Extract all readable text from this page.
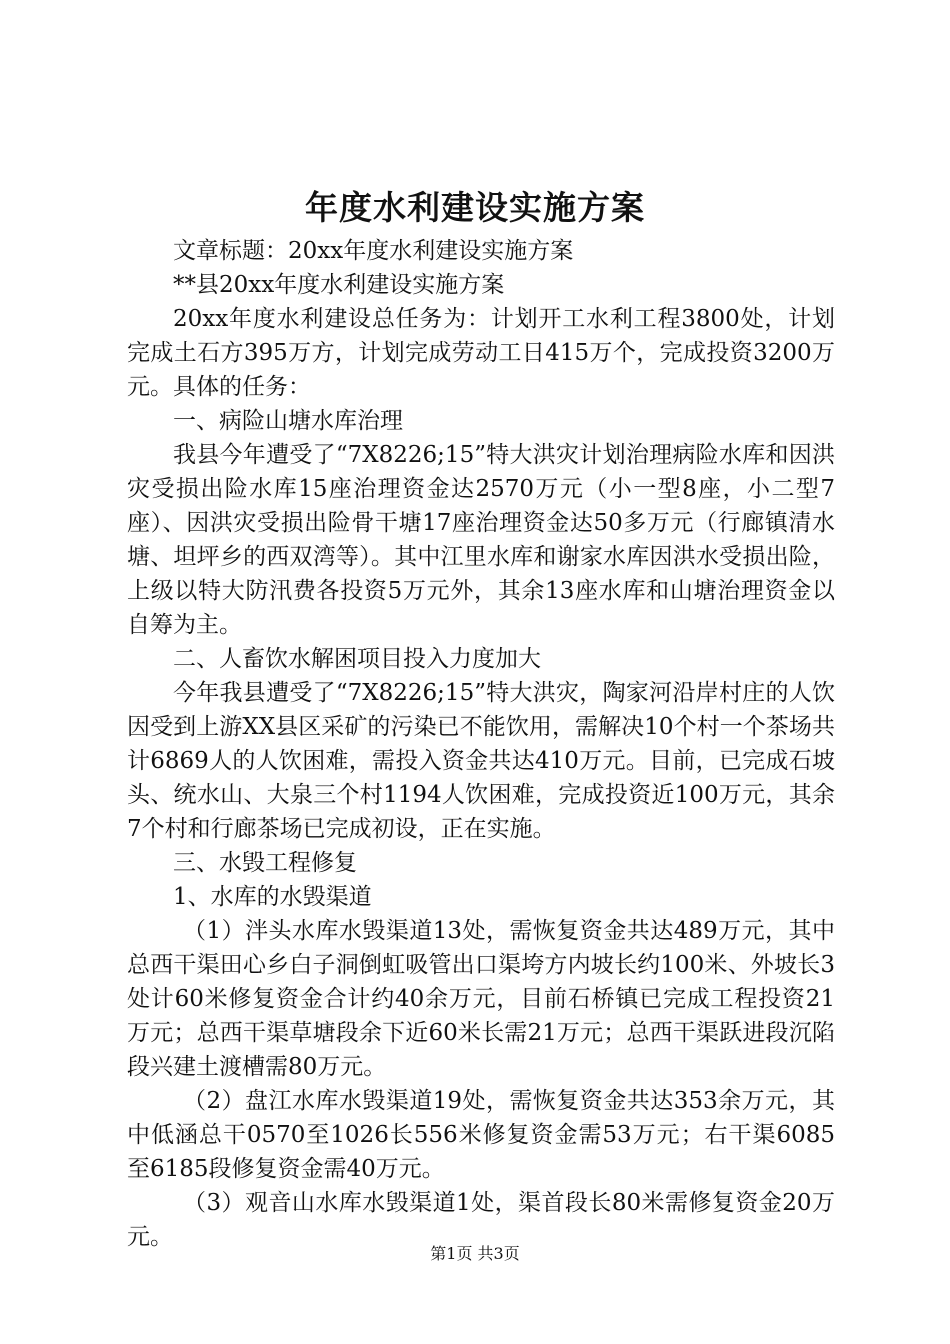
年度水利建设实施方案

文章标题：20xx年度水利建设实施方案

**县20xx年度水利建设实施方案

20xx年度水利建设总任务为：计划开工水利工程3800处，计划完成土石方395万方，计划完成劳动工日415万个，完成投资3200万元。具体的任务：

一、病险山塘水库治理

我县今年遭受了“7X8226;15”特大洪灾计划治理病险水库和因洪灾受损出险水库15座治理资金达2570万元（小一型8座，小二型7座）、因洪灾受损出险骨干塘17座治理资金达50多万元（行廊镇清水塘、坦坪乡的西双湾等）。其中江里水库和谢家水库因洪水受损出险，上级以特大防汛费各投资5万元外，其余13座水库和山塘治理资金以自筹为主。

二、人畜饮水解困项目投入力度加大

今年我县遭受了“7X8226;15”特大洪灾，陶家河沿岸村庄的人饮因受到上游XX县区采矿的污染已不能饮用，需解决10个村一个茶场共计6869人的人饮困难，需投入资金共达410万元。目前，已完成石坡头、统水山、大泉三个村1194人饮困难，完成投资近100万元，其余7个村和行廊茶场已完成初设，正在实施。

三、水毁工程修复

1、水库的水毁渠道

（1）泮头水库水毁渠道13处，需恢复资金共达489万元，其中总西干渠田心乡白子洞倒虹吸管出口渠垮方内坡长约100米、外坡长3处计60米修复资金合计约40余万元，目前石桥镇已完成工程投资21万元；总西干渠草塘段余下近60米长需21万元；总西干渠跃进段沉陷段兴建土渡槽需80万元。

（2）盘江水库水毁渠道19处，需恢复资金共达353余万元，其中低涵总干0570至1026长556米修复资金需53万元；右干渠6085至6185段修复资金需40万元。

（3）观音山水库水毁渠道1处，渠首段长80米需修复资金20万元。

第1页 共3页
